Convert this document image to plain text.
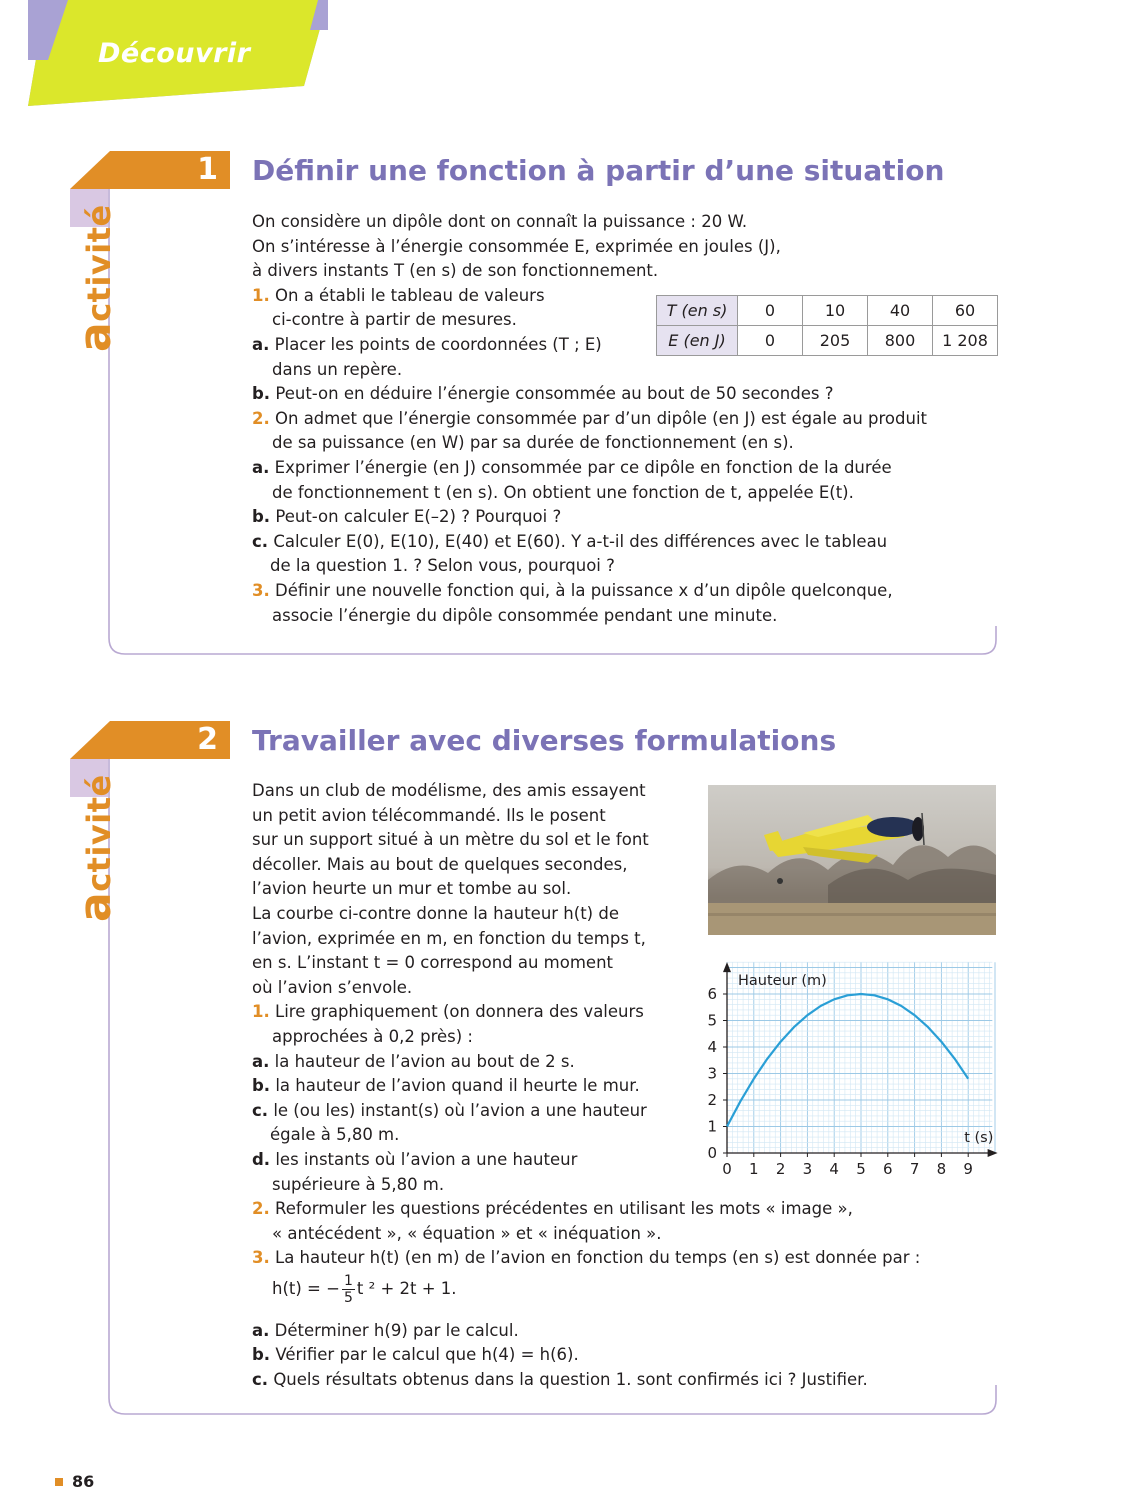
Découvrir
1 Définir une fonction à partir d’une situation
activité	On considère un dipôle dont on connaît la puissance : 20 W.
On s’intéresse à l’énergie consommée E, exprimée en joules (J),
à divers instants T (en s) de son fonctionnement.
1. On a établi le tableau de valeurs
ci-contre à partir de mesures.
a. Placer les points de coordonnées (T ; E)
dans un repère.
b. Peut-on en déduire l’énergie consommée au bout de 50 secondes ?
2. On admet que l’énergie consommée par d’un dipôle (en J) est égale au produit
de sa puissance (en W) par sa durée de fonctionnement (en s).
a. Exprimer l’énergie (en J) consommée par ce dipôle en fonction de la durée
de fonctionnement t (en s). On obtient une fonction de t, appelée E(t).
b. Peut-on calculer E(–2) ? Pourquoi ?
c. Calculer E(0), E(10), E(40) et E(60). Y a-t-il des différences avec le tableau
de la question 1. ? Selon vous, pourquoi ?
3. Définir une nouvelle fonction qui, à la puissance x d’un dipôle quelconque,
associe l’énergie du dipôle consommée pendant une minute.
T (en s)	0	10	40	60
E (en J)	0	205	800	1 208
2 Travailler avec diverses formulations
activité	Dans un club de modélisme, des amis essayent
un petit avion télécommandé. Ils le posent
sur un support situé à un mètre du sol et le font
décoller. Mais au bout de quelques secondes,
l’avion heurte un mur et tombe au sol.
La courbe ci-contre donne la hauteur h(t) de
l’avion, exprimée en m, en fonction du temps t,
en s. L’instant t = 0 correspond au moment
où l’avion s’envole.
1. Lire graphiquement (on donnera des valeurs
approchées à 0,2 près) :
a. la hauteur de l’avion au bout de 2 s.
b. la hauteur de l’avion quand il heurte le mur.
c. le (ou les) instant(s) où l’avion a une hauteur
égale à 5,80 m.
d. les instants où l’avion a une hauteur
supérieure à 5,80 m.
2. Reformuler les questions précédentes en utilisant les mots « image »,
« antécédent », « équation » et « inéquation ».
3. La hauteur h(t) (en m) de l’avion en fonction du temps (en s) est donnée par :
h(t) = − $\frac{1}{5}$ t ² + 2t + 1.
a. Déterminer h(9) par le calcul.
b. Vérifier par le calcul que h(4) = h(6).
c. Quels résultats obtenus dans la question 1. sont confirmés ici ? Justifier.
0 1 2 3 4 5 6 7 8 9
0
1
2
3
4
5
6
Hauteur (m)
t (s)
86
